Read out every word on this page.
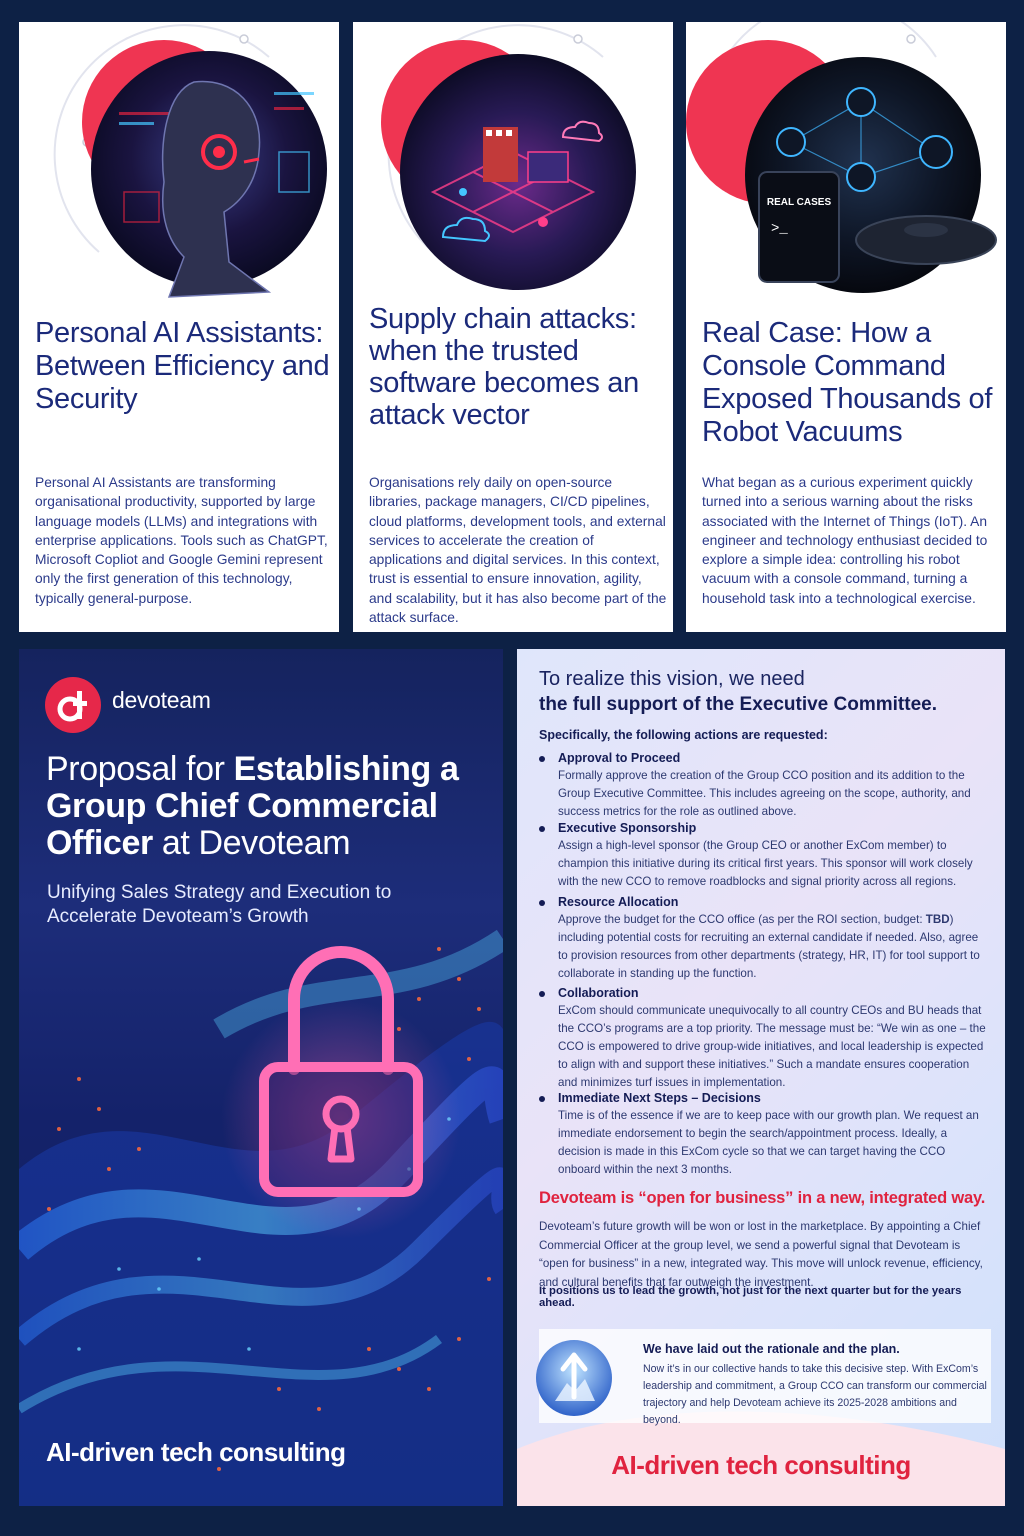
Personal AI Assistants: Between Efficiency and Security
Personal AI Assistants are transforming organisational productivity, supported by large language models (LLMs) and integrations with enterprise applications. Tools such as ChatGPT, Microsoft Copliot and Google Gemini represent only the first generation of this technology, typically general-purpose.
Supply chain attacks: when the trusted software becomes an attack vector
Organisations rely daily on open-source libraries, package managers, CI/CD pipelines, cloud platforms, development tools, and external services to accelerate the creation of applications and digital services. In this context, trust is essential to ensure innovation, agility, and scalability, but it has also become part of the attack surface.
REAL CASES
>_
Real Case: How a Console Command Exposed Thousands of Robot Vacuums
What began as a curious experiment quickly turned into a serious warning about the risks associated with the Internet of Things (IoT). An engineer and technology enthusiast decided to explore a simple idea: controlling his robot vacuum with a console command, turning a household task into a technological exercise.
devoteam
Proposal for Establishing a Group Chief Commercial Officer at Devoteam
Unifying Sales Strategy and Execution to Accelerate Devoteam’s Growth
AI-driven tech consulting
To realize this vision, we need
the full support of the Executive Committee.
Specifically, the following actions are requested:
Approval to Proceed
Formally approve the creation of the Group CCO position and its addition to the Group Executive Committee. This includes agreeing on the scope, authority, and success metrics for the role as outlined above.
Executive Sponsorship
Assign a high-level sponsor (the Group CEO or another ExCom member) to champion this initiative during its critical first years. This sponsor will work closely with the new CCO to remove roadblocks and signal priority across all regions.
Resource Allocation
Approve the budget for the CCO office (as per the ROI section, budget: TBD) including potential costs for recruiting an external candidate if needed. Also, agree to provision resources from other departments (strategy, HR, IT) for tool support to collaborate in standing up the function.
Collaboration
ExCom should communicate unequivocally to all country CEOs and BU heads that the CCO’s programs are a top priority. The message must be: “We win as one – the CCO is empowered to drive group-wide initiatives, and local leadership is expected to align with and support these initiatives.” Such a mandate ensures cooperation and minimizes turf issues in implementation.
Immediate Next Steps – Decisions
Time is of the essence if we are to keep pace with our growth plan. We request an immediate endorsement to begin the search/appointment process. Ideally, a decision is made in this ExCom cycle so that we can target having the CCO onboard within the next 3 months.
Devoteam is “open for business” in a new, integrated way.
Devoteam’s future growth will be won or lost in the marketplace. By appointing a Chief Commercial Officer at the group level, we send a powerful signal that Devoteam is “open for business” in a new, integrated way. This move will unlock revenue, efficiency, and cultural benefits that far outweigh the investment.
It positions us to lead the growth, not just for the next quarter but for the years ahead.
We have laid out the rationale and the plan.
Now it’s in our collective hands to take this decisive step. With ExCom’s leadership and commitment, a Group CCO can transform our commercial trajectory and help Devoteam achieve its 2025-2028 ambitions and beyond.
AI-driven tech consulting
